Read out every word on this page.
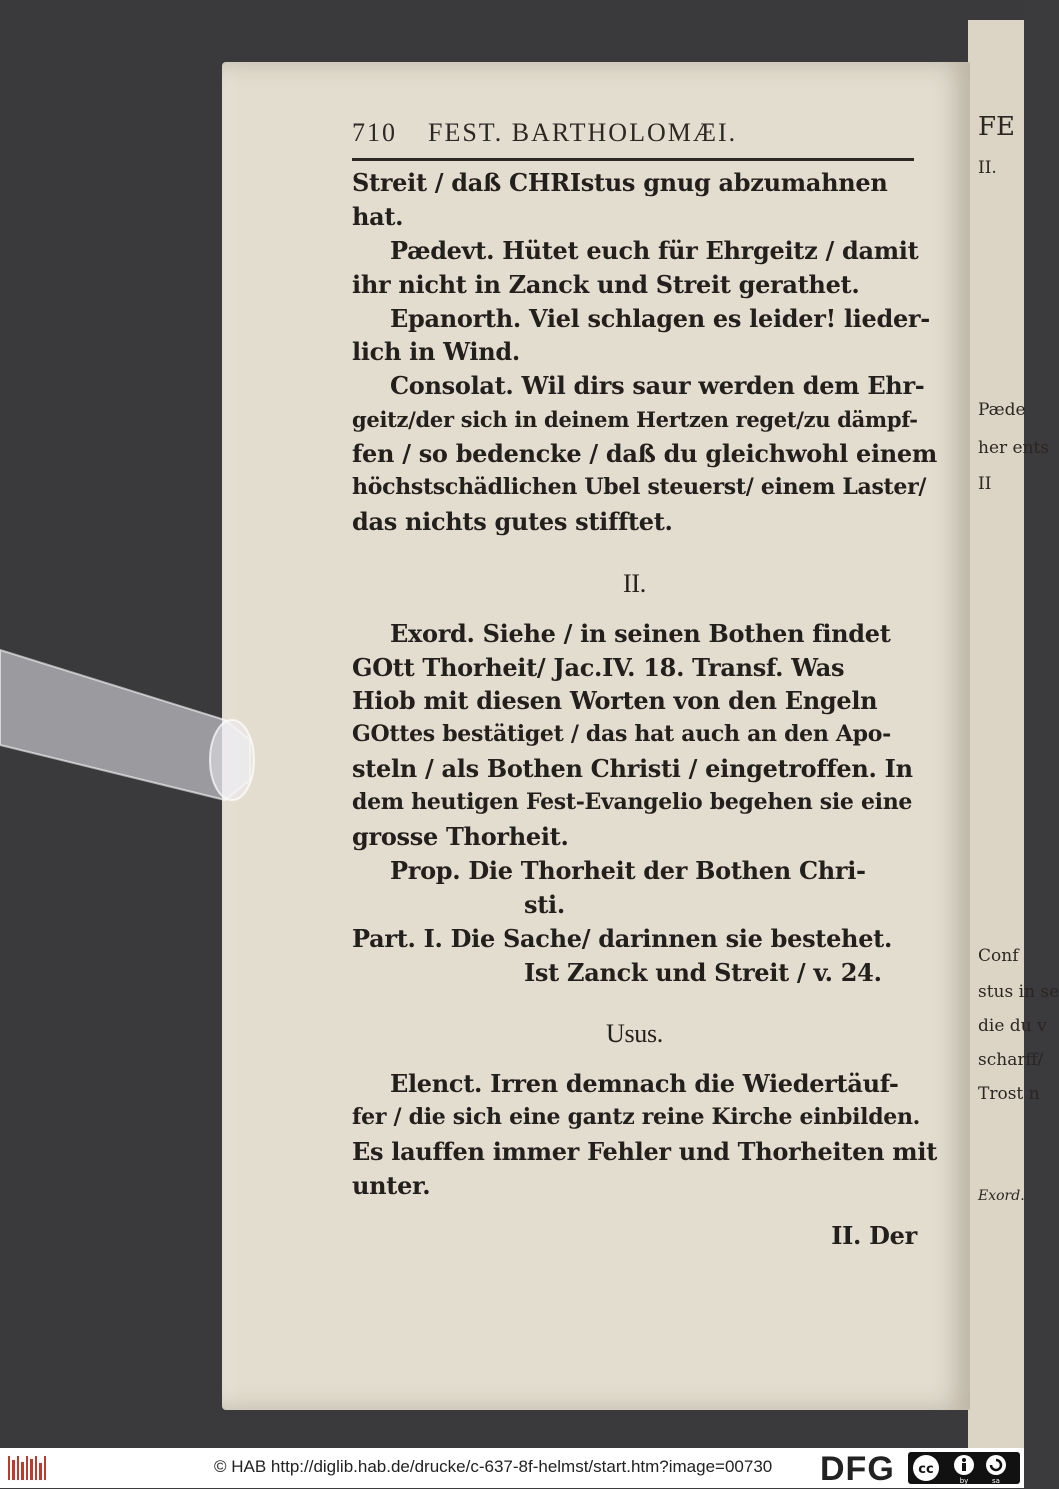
FE
II.
Pæde
her ents
II
Conf
stus in se
die du v
scharff/
Trost n
Exord.
710 FEST. BARTHOLOMÆI.
Streit / daß CHRIstus gnug abzumahnen
hat.
Pædevt. Hütet euch für Ehrgeitz / damit
ihr nicht in Zanck und Streit gerathet.
Epanorth. Viel schlagen es leider! lieder-
lich in Wind.
Consolat. Wil dirs saur werden dem Ehr-
geitz/der sich in deinem Hertzen reget/zu dämpf-
fen / so bedencke / daß du gleichwohl einem
höchstschädlichen Ubel steuerst/ einem Laster/
das nichts gutes stifftet.
II.
Exord. Siehe / in seinen Bothen findet
GOtt Thorheit/ Jac.IV. 18. Transf. Was
Hiob mit diesen Worten von den Engeln
GOttes bestätiget / das hat auch an den Apo-
steln / als Bothen Christi / eingetroffen. In
dem heutigen Fest-Evangelio begehen sie eine
grosse Thorheit.
Prop. Die Thorheit der Bothen Chri-
sti.
Part. I. Die Sache/ darinnen sie bestehet.
Ist Zanck und Streit / v. 24.
Usus.
Elenct. Irren demnach die Wiedertäuf-
fer / die sich eine gantz reine Kirche einbilden.
Es lauffen immer Fehler und Thorheiten mit
unter.
II. Der
© HAB http://diglib.hab.de/drucke/c-637-8f-helmst/start.htm?image=00730 DFG cc
by	sa
